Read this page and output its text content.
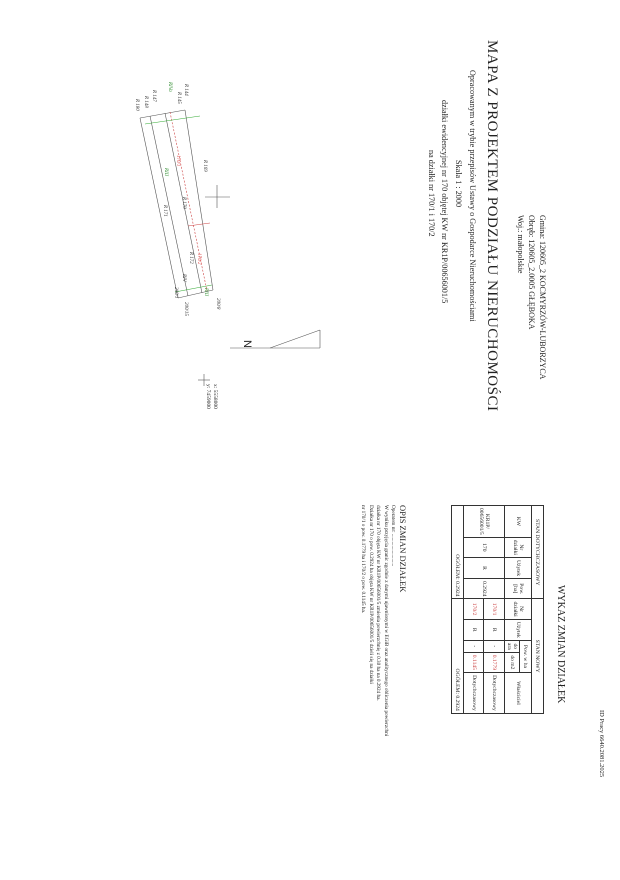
MAPA Z PROJEKTEM PODZIAŁU NIERUCHOMOŚCI
Opracowanym w trybie przepisów Ustawy o Gospodarce Nieruchomościami
Skala 1 : 2000
działki ewidencyjnej nr 170 objętej KW nr KR1P/00656001/5
na działki nr 170/1 i 170/2	Gmina: 120605_2 KOCMYRZÓW-LUBORZYCA
Obręb: 120605_2.0005 GŁĘBOKA
Woj.: małopolskie
R 144
R 145
R 147
R 148
R 180
RIVa
RIII
RIII
RIV
R 169
R 170
R 171
R 172
170/1
170/2
200/8
200/15
200/1
x: 5558000
y: 7459000
N
WYKAZ ZMIAN DZIAŁEK
ID Pracy 6640.2081.2025
STAN DOTYCHCZASOWY				STAN NOWY				
KW	Nr działki	Użytek	Pow. [ha]	Nr działki	Użytek	Pow. w ha		Właściciel
						do ara	do m2	
KR1P/ 00656001/5	170	R	0.2924	170/1	R	-	0.1779	Dotychczasowy
				170/2	R	-	0.1145	Dotychczasowy
OGÓŁEM: 0.2924				OGÓŁEM: 0.2924				
OPIS ZMIAN DZIAŁEK
Operatem nr: .........................
W wyniku przyjęcia granic zgodnie z danymi ujawnionymi w EGiB oraz analitycznego obliczenia powierzchni
działka nr 170 objęta KW nr KR1P/00656001/5 zmienia powierzchnię z 0.30 ha na 0.2924 ha.
Działka nr 170 o pow. 0.2924 ha objęta KW nr KR1P/00656001/5 dzieli się na działki
nr 170/1 o pow. 0.1779 ha i 170/2 o pow. 0.1145 ha.
